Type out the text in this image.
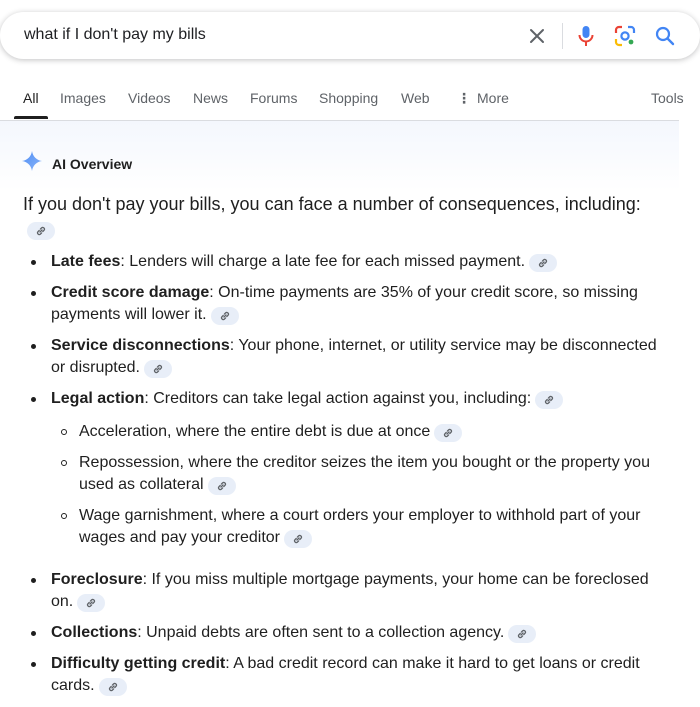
what if I don't pay my bills
All Images Videos News Forums Shopping Web ⋮ More	Tools
AI Overview
If you don't pay your bills, you can face a number of consequences, including:
Late fees: Lenders will charge a late fee for each missed payment.
Credit score damage: On-time payments are 35% of your credit score, so missing payments will lower it.
Service disconnections: Your phone, internet, or utility service may be disconnected or disrupted.
Legal action: Creditors can take legal action against you, including:
Acceleration, where the entire debt is due at once
Repossession, where the creditor seizes the item you bought or the property you used as collateral
Wage garnishment, where a court orders your employer to withhold part of your wages and pay your creditor
Foreclosure: If you miss multiple mortgage payments, your home can be foreclosed on.
Collections: Unpaid debts are often sent to a collection agency.
Difficulty getting credit: A bad credit record can make it hard to get loans or credit cards.
